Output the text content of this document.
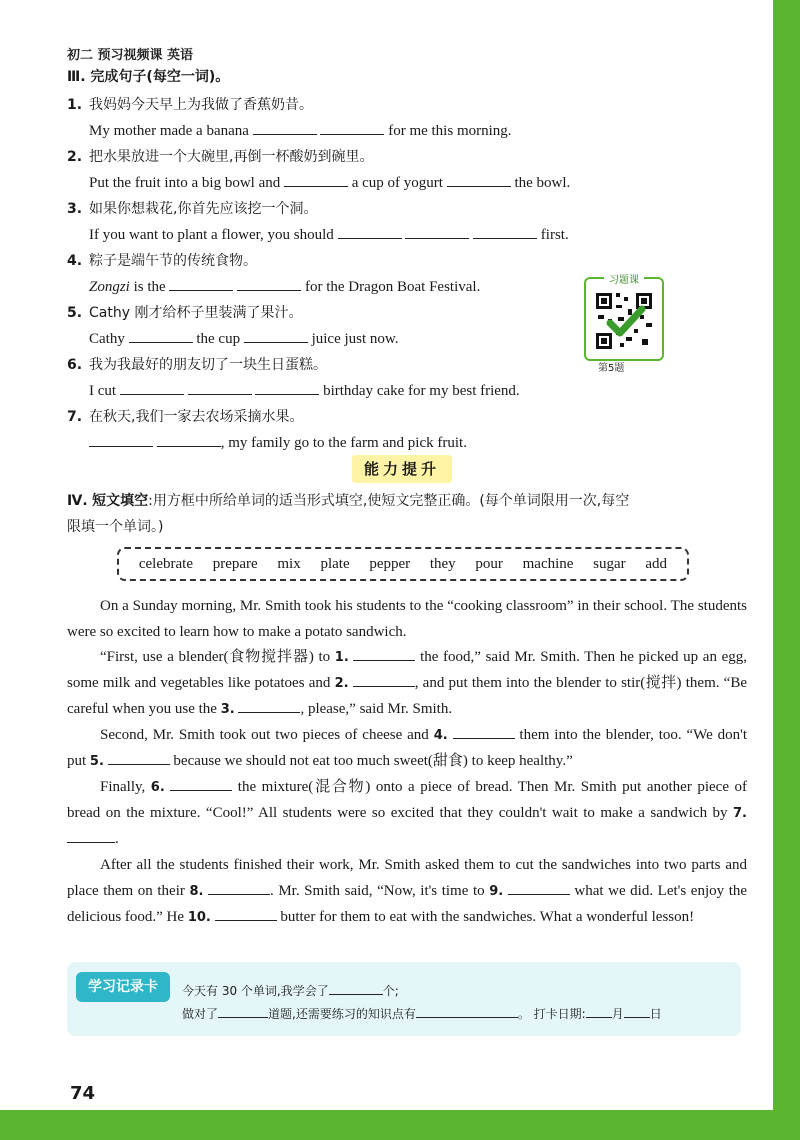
初二 预习视频课 英语
Ⅲ. 完成句子(每空一词)。
1. 我妈妈今天早上为我做了香蕉奶昔。
My mother made a banana	for me this morning.
2. 把水果放进一个大碗里,再倒一杯酸奶到碗里。
Put the fruit into a big bowl and	a cup of yogurt	the bowl.
3. 如果你想栽花,你首先应该挖一个洞。
If you want to plant a flower, you should	first.
4. 粽子是端午节的传统食物。
Zongzi is the	for the Dragon Boat Festival.
5. Cathy 刚才给杯子里装满了果汁。
Cathy	the cup	juice just now.
6. 我为我最好的朋友切了一块生日蛋糕。
I cut	birthday cake for my best friend.
7. 在秋天,我们一家去农场采摘水果。
, my family go to the farm and pick fruit.
习题课
第5题
能力提升
Ⅳ. 短文填空:用方框中所给单词的适当形式填空,使短文完整正确。(每个单词限用一次,每空
限填一个单词。)
celebrate prepare mix plate pepper they pour machine sugar add
On a Sunday morning, Mr. Smith took his students to the “cooking classroom” in their school. The students were so excited to learn how to make a potato sandwich.
“First, use a blender(食物搅拌器) to 1.	the food,” said Mr. Smith. Then he picked up an egg, some milk and vegetables like potatoes and 2.	, and put them into the blender to stir(搅拌) them. “Be careful when you use the 3.	, please,” said Mr. Smith.
Second, Mr. Smith took out two pieces of cheese and 4.	them into the blender, too. “We don't put 5.	because we should not eat too much sweet(甜食) to keep healthy.”
Finally, 6.	the mixture(混合物) onto a piece of bread. Then Mr. Smith put another piece of bread on the mixture. “Cool!” All students were so excited that they couldn't wait to make a sandwich by 7. .
After all the students finished their work, Mr. Smith asked them to cut the sandwiches into two parts and place them on their 8.	. Mr. Smith said, “Now, it's time to 9.	what we did. Let's enjoy the delicious food.” He 10.	butter for them to eat with the sandwiches. What a wonderful lesson!
学习记录卡	今天有 30 个单词,我学会了	个;
做对了	道题,还需要练习的知识点有	。 打卡日期: 月 日
74
